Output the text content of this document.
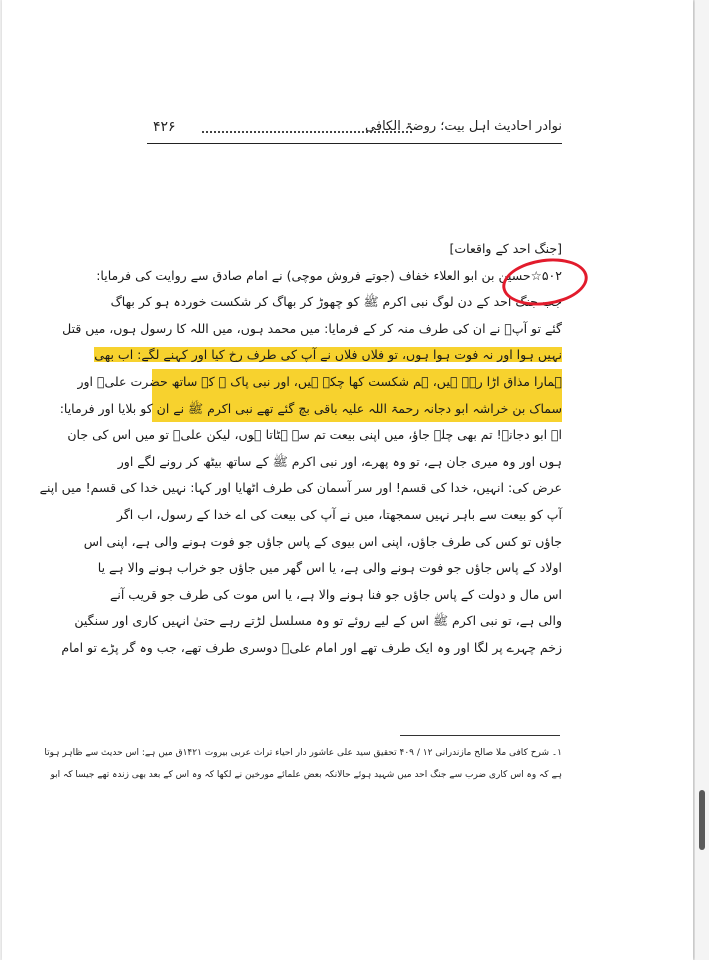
نوادر احادیث اہل بیت؛ روضۃ الکافی
۴۲۶
[جنگ احد کے واقعات]
۵۰۲☆حسین بن ابو العلاء خفاف (جوتے فروش موچی) نے امام صادق سے روایت کی فرمایا:
جب جنگ احد کے دن لوگ نبی اکرم ﷺ کو چھوڑ کر بھاگ کر شکست خوردہ ہو کر بھاگ
گئے تو آپؐ نے ان کی طرف منہ کر کے فرمایا: میں محمد ہوں، میں اللہ کا رسول ہوں، میں قتل
نہیں ہوا اور نہ فوت ہوا ہوں، تو فلاں فلاں نے آپ کی طرف رخ کیا اور کہنے لگے: اب بھی
ہمارا مذاق اڑا رہے ہیں، ہم شکست کھا چکے ہیں، اور نبی پاک ﷺ کے ساتھ حضرت علیؑ اور
سماک بن خراشہ ابو دجانہ رحمۃ اللہ علیہ باقی بچ گئے تھے نبی اکرم ﷺ نے ان کو بلایا اور فرمایا:
اے ابو دجانہ! تم بھی چلے جاؤ، میں اپنی بیعت تم سے ہٹاتا ہوں، لیکن علیؑ تو میں اس کی جان
ہوں اور وہ میری جان ہے، تو وہ پھرے، اور نبی اکرم ﷺ کے ساتھ بیٹھ کر رونے لگے اور
عرض کی: انہیں، خدا کی قسم! اور سر آسمان کی طرف اٹھایا اور کہا: نہیں خدا کی قسم! میں اپنے
آپ کو بیعت سے باہر نہیں سمجھتا، میں نے آپ کی بیعت کی اے خدا کے رسول، اب اگر
جاؤں تو کس کی طرف جاؤں، اپنی اس بیوی کے پاس جاؤں جو فوت ہونے والی ہے، اپنی اس
اولاد کے پاس جاؤں جو فوت ہونے والی ہے، یا اس گھر میں جاؤں جو خراب ہونے والا ہے یا
اس مال و دولت کے پاس جاؤں جو فنا ہونے والا ہے، یا اس موت کی طرف جو قریب آنے
والی ہے، تو نبی اکرم ﷺ اس کے لیے روئے تو وہ مسلسل لڑتے رہے حتیٰ انہیں کاری اور سنگین
زخم چہرے پر لگا اور وہ ایک طرف تھے اور امام علیؑ دوسری طرف تھے، جب وہ گر پڑے تو امام
۱۔ شرح کافی ملا صالح مازندرانی ۱۲ / ۴۰۹ تحقیق سید علی عاشور دار احیاء تراث عربی بیروت ۱۴۲۱ق میں ہے: اس حدیث سے ظاہر ہوتا
ہے کہ وہ اس کاری ضرب سے جنگ احد میں شہید ہوئے حالانکہ بعض علمائے مورخین نے لکھا کہ وہ اس کے بعد بھی زندہ تھے جیسا کہ ابو
